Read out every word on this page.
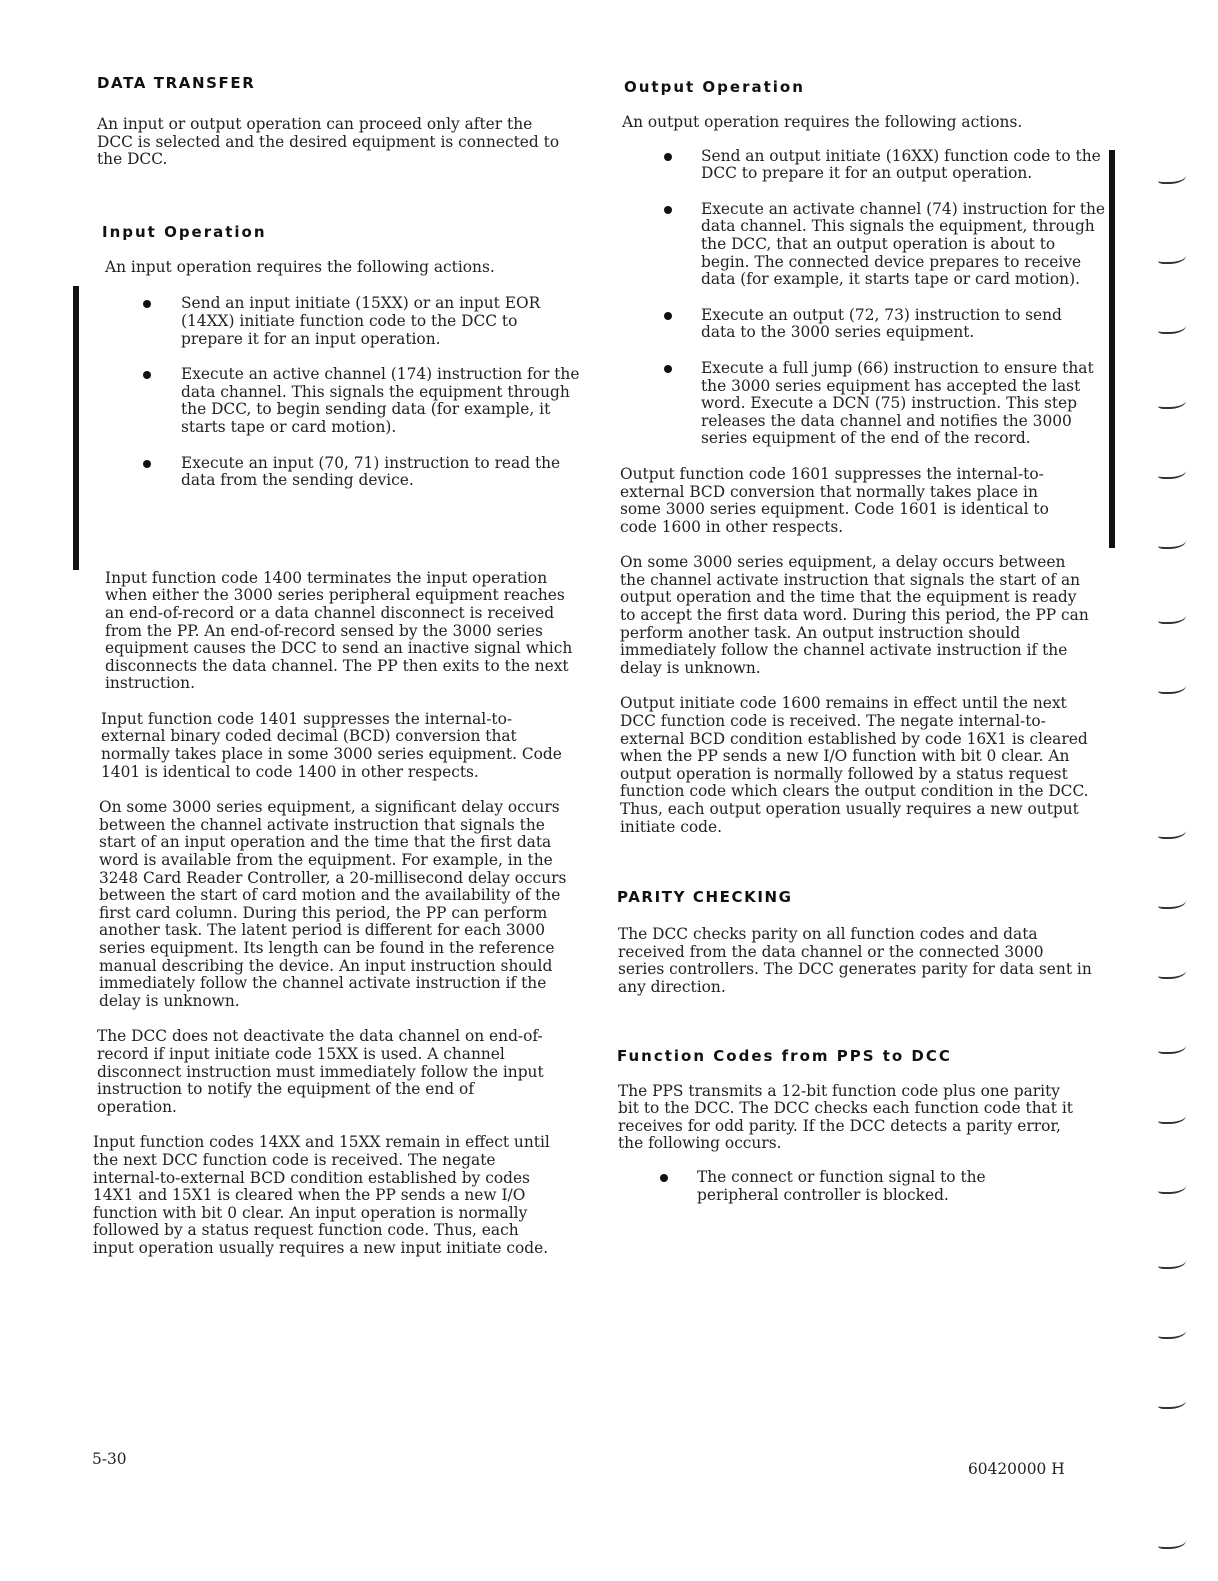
DATA TRANSFER

An input or output operation can proceed only after the DCC is selected and the desired equipment is connected to the DCC.

Input Operation

An input operation requires the following actions.

Send an input initiate (15XX) or an input EOR (14XX) initiate function code to the DCC to prepare it for an input operation.
Execute an active channel (174) instruction for the data channel. This signals the equipment through the DCC, to begin sending data (for example, it starts tape or card motion).
Execute an input (70, 71) instruction to read the data from the sending device.

Input function code 1400 terminates the input operation when either the 3000 series peripheral equipment reaches an end-of-record or a data channel disconnect is received from the PP. An end-of-record sensed by the 3000 series equipment causes the DCC to send an inactive signal which disconnects the data channel. The PP then exits to the next instruction.

Input function code 1401 suppresses the internal-to-external binary coded decimal (BCD) conversion that normally takes place in some 3000 series equipment. Code 1401 is identical to code 1400 in other respects.

On some 3000 series equipment, a significant delay occurs between the channel activate instruction that signals the start of an input operation and the time that the first data word is available from the equipment. For example, in the 3248 Card Reader Controller, a 20-millisecond delay occurs between the start of card motion and the availability of the first card column. During this period, the PP can perform another task. The latent period is different for each 3000 series equipment. Its length can be found in the reference manual describing the device. An input instruction should immediately follow the channel activate instruction if the delay is unknown.

The DCC does not deactivate the data channel on end-of-record if input initiate code 15XX is used. A channel disconnect instruction must immediately follow the input instruction to notify the equipment of the end of operation.

Input function codes 14XX and 15XX remain in effect until the next DCC function code is received. The negate internal-to-external BCD condition established by codes 14X1 and 15X1 is cleared when the PP sends a new I/O function with bit 0 clear. An input operation is normally followed by a status request function code. Thus, each input operation usually requires a new input initiate code.

Output Operation

An output operation requires the following actions.

Send an output initiate (16XX) function code to the DCC to prepare it for an output operation.
Execute an activate channel (74) instruction for the data channel. This signals the equipment, through the DCC, that an output operation is about to begin. The connected device prepares to receive data (for example, it starts tape or card motion).
Execute an output (72, 73) instruction to send data to the 3000 series equipment.
Execute a full jump (66) instruction to ensure that the 3000 series equipment has accepted the last word. Execute a DCN (75) instruction. This step releases the data channel and notifies the 3000 series equipment of the end of the record.

Output function code 1601 suppresses the internal-to-external BCD conversion that normally takes place in some 3000 series equipment. Code 1601 is identical to code 1600 in other respects.

On some 3000 series equipment, a delay occurs between the channel activate instruction that signals the start of an output operation and the time that the equipment is ready to accept the first data word. During this period, the PP can perform another task. An output instruction should immediately follow the channel activate instruction if the delay is unknown.

Output initiate code 1600 remains in effect until the next DCC function code is received. The negate internal-to-external BCD condition established by code 16X1 is cleared when the PP sends a new I/O function with bit 0 clear. An output operation is normally followed by a status request function code which clears the output condition in the DCC. Thus, each output operation usually requires a new output initiate code.

PARITY CHECKING

The DCC checks parity on all function codes and data received from the data channel or the connected 3000 series controllers. The DCC generates parity for data sent in any direction.

Function Codes from PPS to DCC

The PPS transmits a 12-bit function code plus one parity bit to the DCC. The DCC checks each function code that it receives for odd parity. If the DCC detects a parity error, the following occurs.

The connect or function signal to the peripheral controller is blocked.
5-30
60420000 H
